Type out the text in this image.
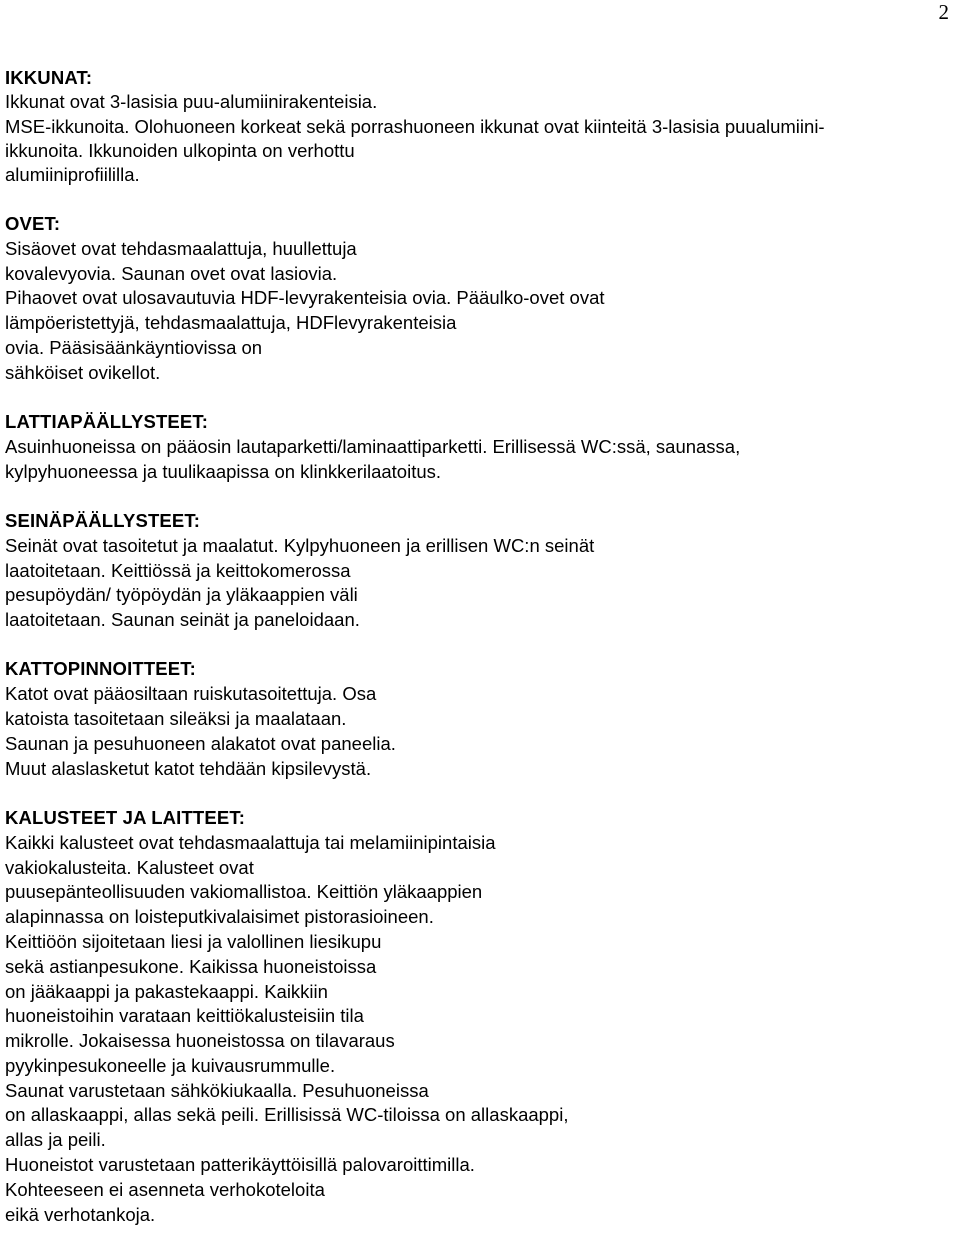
2
IKKUNAT:
Ikkunat ovat 3-lasisia puu-alumiinirakenteisia.
MSE-ikkunoita. Olohuoneen korkeat sekä porrashuoneen ikkunat ovat kiinteitä 3-lasisia puualumiini-
ikkunoita. Ikkunoiden ulkopinta on verhottu
alumiiniprofiililla.
OVET:
Sisäovet ovat tehdasmaalattuja, huullettuja
kovalevyovia. Saunan ovet ovat lasiovia.
Pihaovet ovat ulosavautuvia HDF-levyrakenteisia ovia. Pääulko-ovet ovat
lämpöeristettyjä, tehdasmaalattuja, HDFlevyrakenteisia
ovia. Pääsisäänkäyntiovissa on
sähköiset ovikellot.
LATTIAPÄÄLLYSTEET:
Asuinhuoneissa on pääosin lautaparketti/laminaattiparketti. Erillisessä WC:ssä, saunassa,
kylpyhuoneessa ja tuulikaapissa on klinkkerilaatoitus.
SEINÄPÄÄLLYSTEET:
Seinät ovat tasoitetut ja maalatut. Kylpyhuoneen ja erillisen WC:n seinät
laatoitetaan. Keittiössä ja keittokomerossa
pesupöydän/ työpöydän ja yläkaappien väli
laatoitetaan. Saunan seinät ja paneloidaan.
KATTOPINNOITTEET:
Katot ovat pääosiltaan ruiskutasoitettuja. Osa
katoista tasoitetaan sileäksi ja maalataan.
Saunan ja pesuhuoneen alakatot ovat paneelia.
Muut alaslasketut katot tehdään kipsilevystä.
KALUSTEET JA LAITTEET:
Kaikki kalusteet ovat tehdasmaalattuja tai melamiinipintaisia
vakiokalusteita. Kalusteet ovat
puusepänteollisuuden vakiomallistoa. Keittiön yläkaappien
alapinnassa on loisteputkivalaisimet pistorasioineen.
Keittiöön sijoitetaan liesi ja valollinen liesikupu
sekä astianpesukone. Kaikissa huoneistoissa
on jääkaappi ja pakastekaappi. Kaikkiin
huoneistoihin varataan keittiökalusteisiin tila
mikrolle. Jokaisessa huoneistossa on tilavaraus
pyykinpesukoneelle ja kuivausrummulle.
Saunat varustetaan sähkökiukaalla. Pesuhuoneissa
on allaskaappi, allas sekä peili. Erillisissä WC-tiloissa on allaskaappi,
allas ja peili.
Huoneistot varustetaan patterikäyttöisillä palovaroittimilla.
Kohteeseen ei asenneta verhokoteloita
eikä verhotankoja.
